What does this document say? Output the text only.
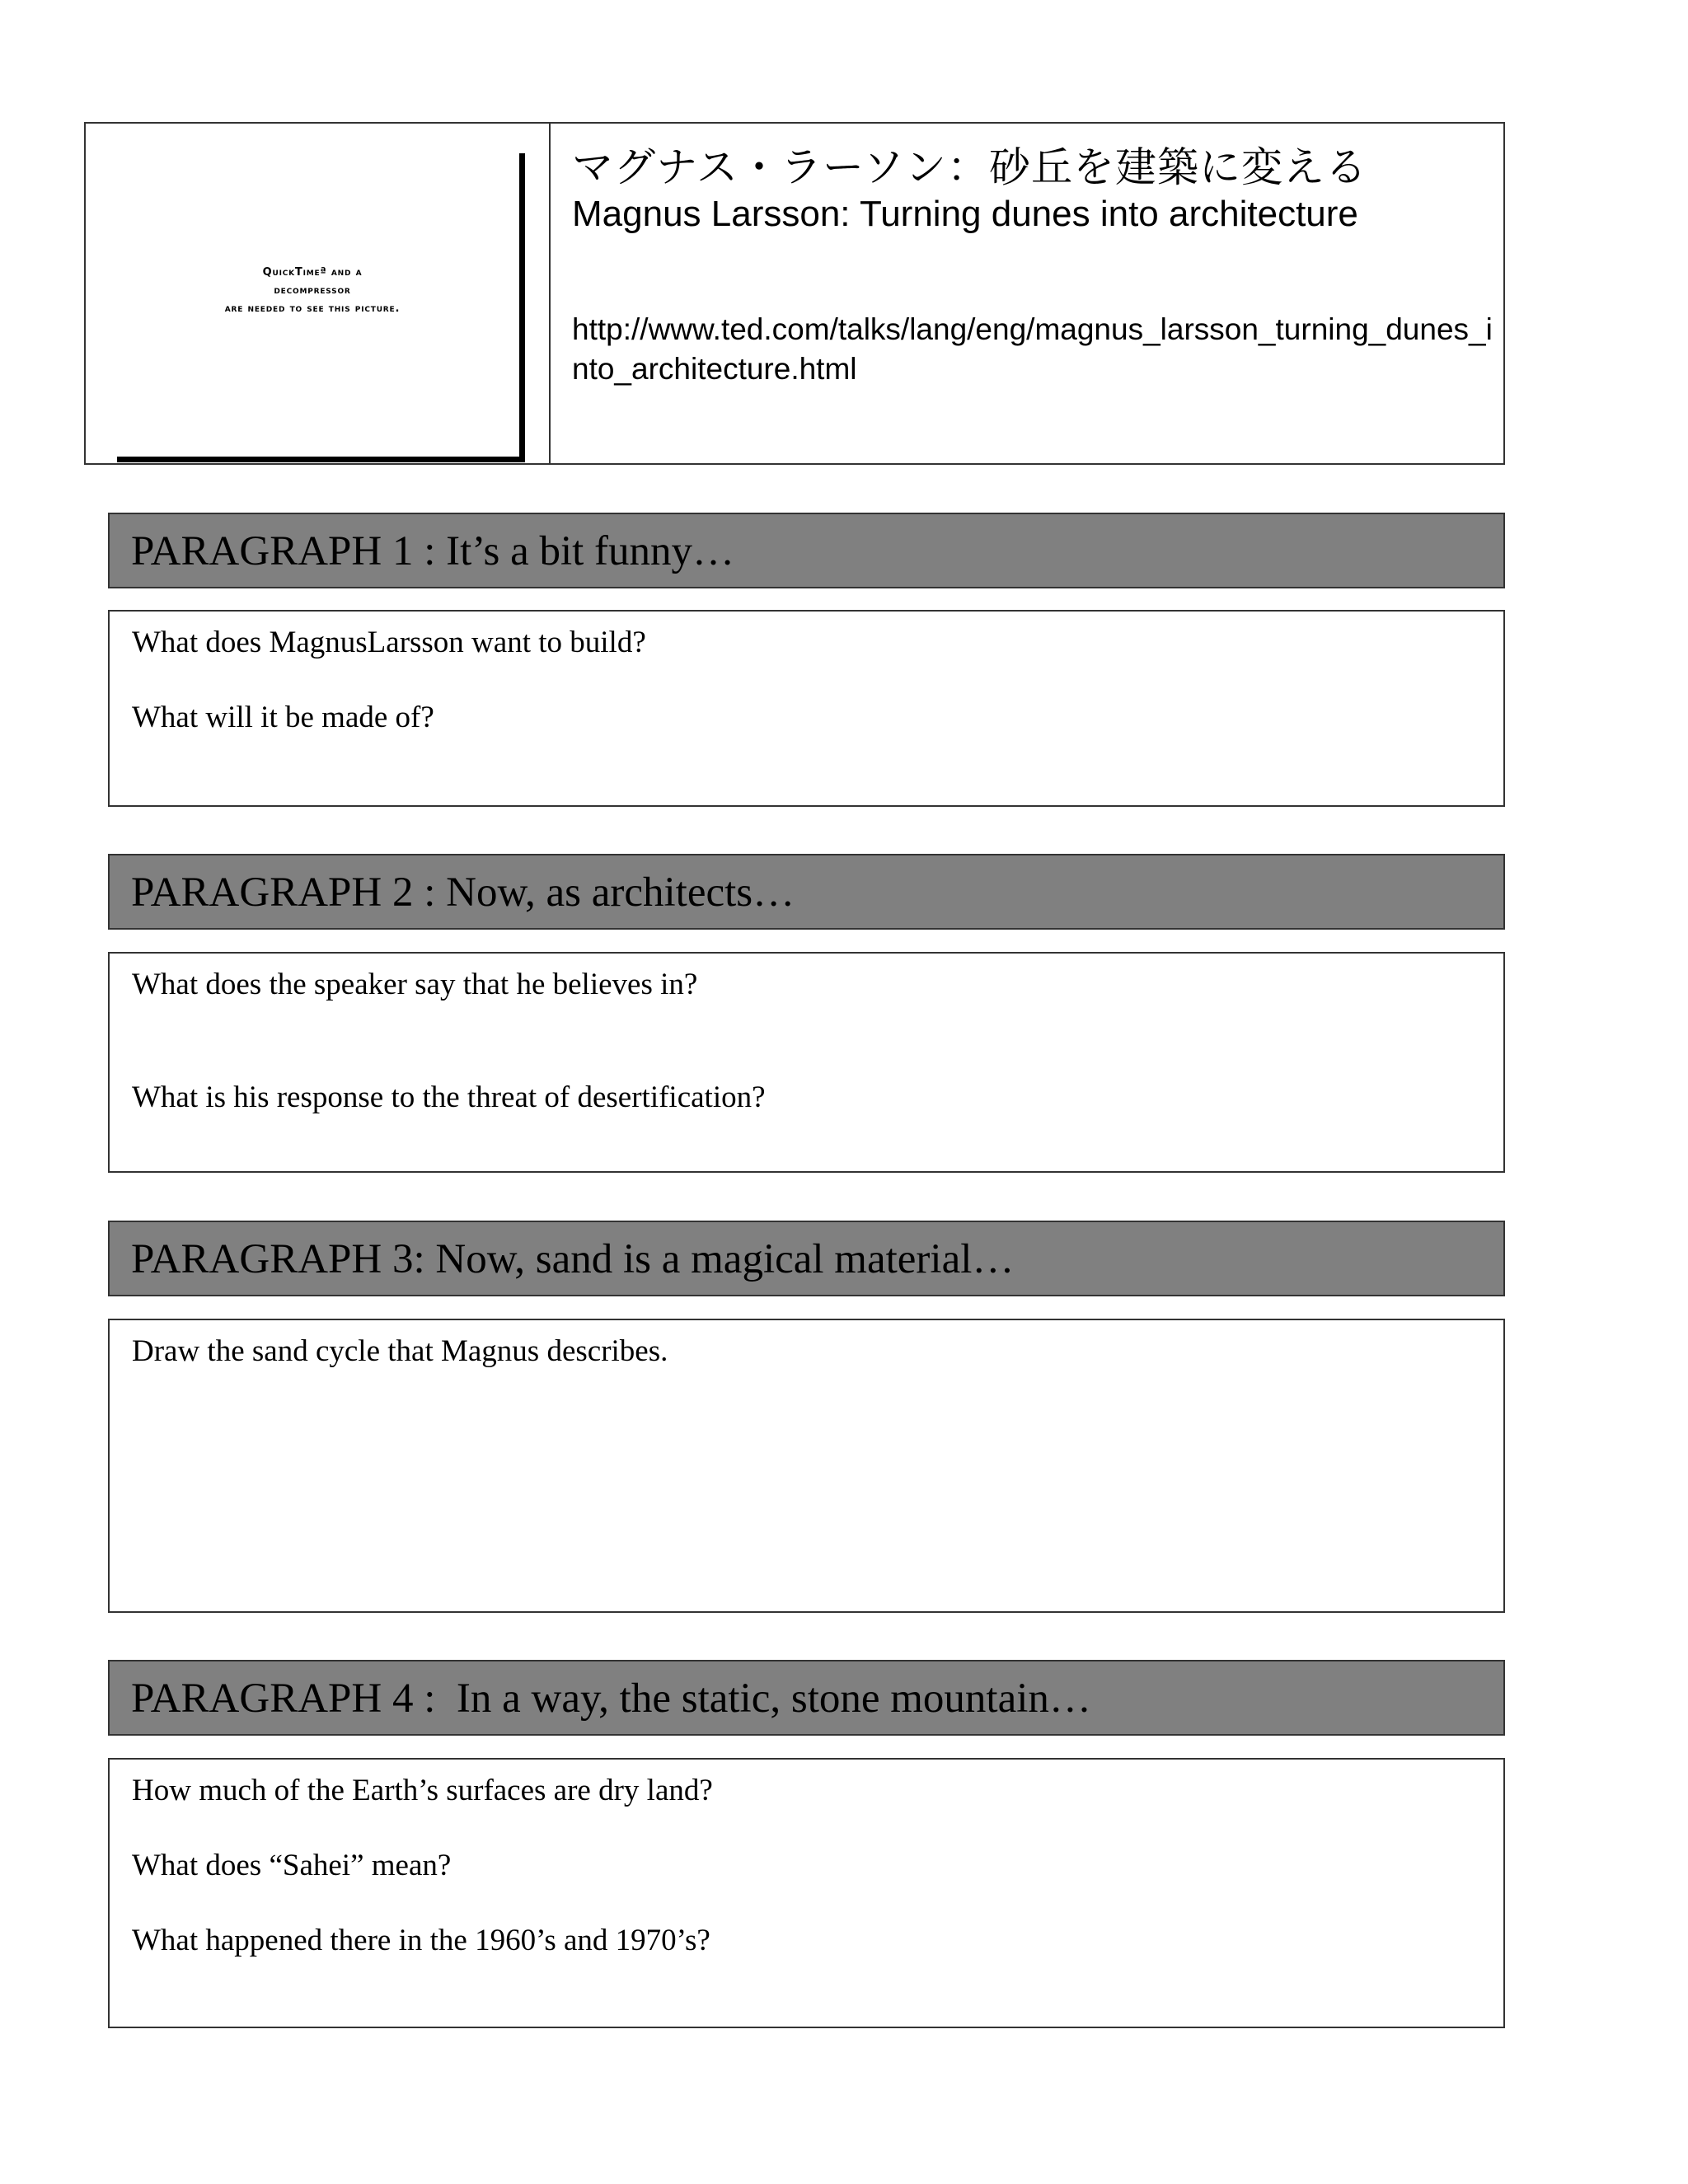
QuickTimeª and a
decompressor
are needed to see this picture.
マグナス・ラーソン：砂丘を建築に変える
Magnus Larsson: Turning dunes into architecture
http://www.ted.com/talks/lang/eng/magnus_larsson_turning_dunes_into_architecture.html
PARAGRAPH 1 : It’s a bit funny…
What does MagnusLarsson want to build?
What will it be made of?
PARAGRAPH 2 : Now, as architects…
What does the speaker say that he believes in?
What is his response to the threat of desertification?
PARAGRAPH 3: Now, sand is a magical material…
Draw the sand cycle that Magnus describes.
PARAGRAPH 4 :  In a way, the static, stone mountain…
How much of the Earth’s surfaces are dry land?
What does “Sahei” mean?
What happened there in the 1960’s and 1970’s?
